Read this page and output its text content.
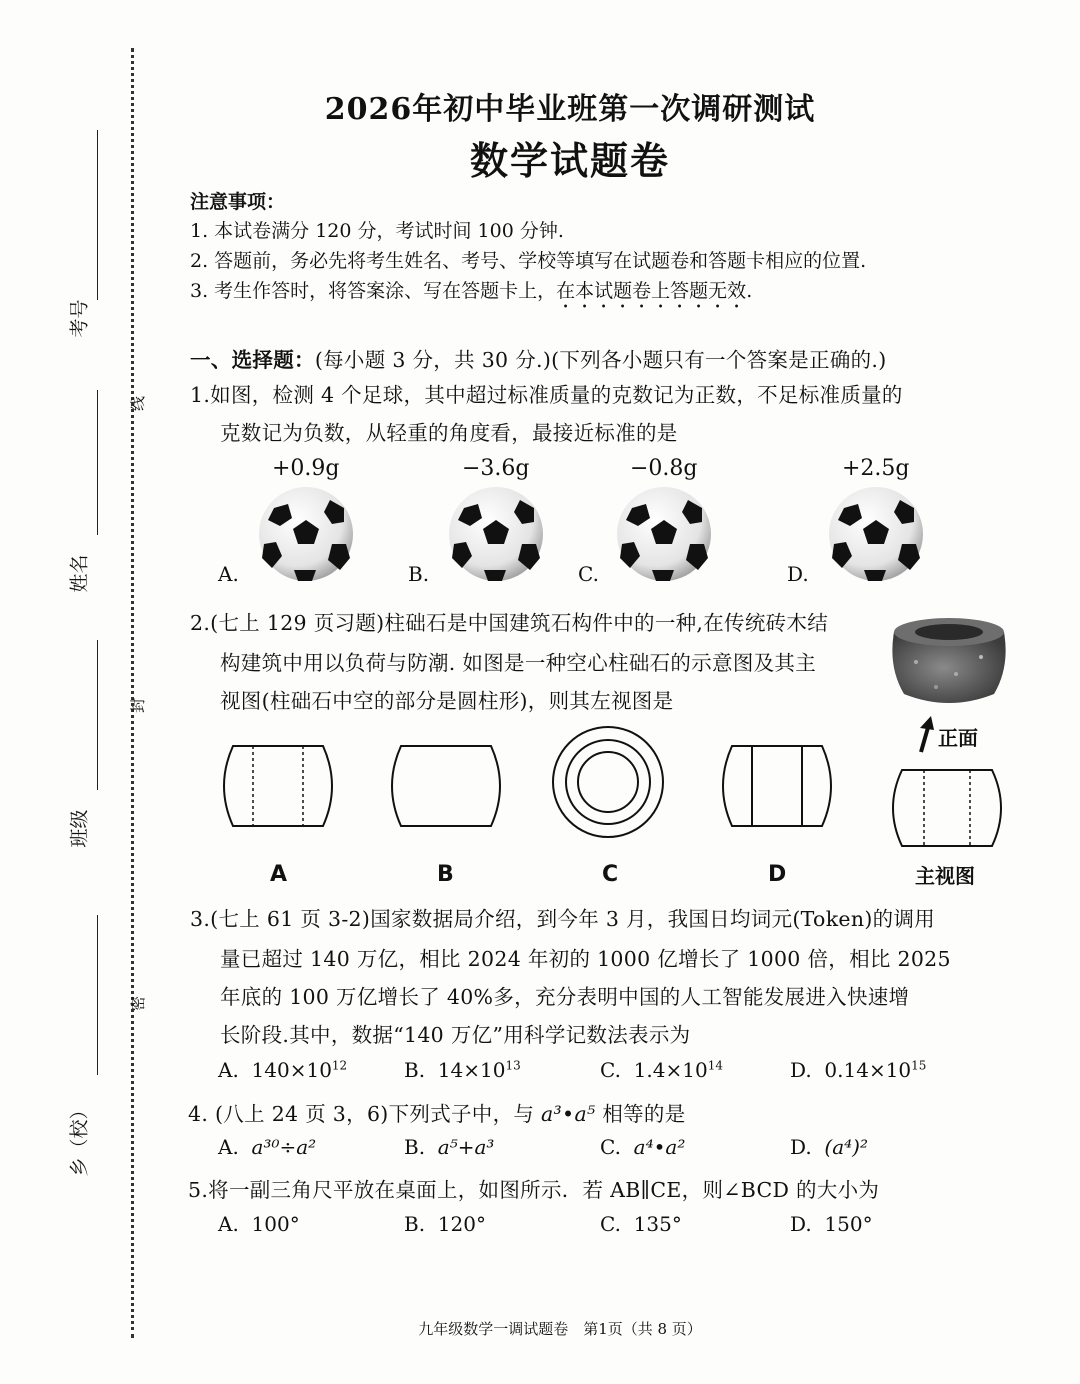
考号
姓名
班级
乡（校）
线
封
密
2026年初中毕业班第一次调研测试
数学试题卷
注意事项：
1. 本试卷满分 120 分，考试时间 100 分钟.
2. 答题前，务必先将考生姓名、考号、学校等填写在试题卷和答题卡相应的位置.
3. 考生作答时，将答案涂、写在答题卡上，在本试题卷上答题无效.
一、选择题：(每小题 3 分，共 30 分.)(下列各小题只有一个答案是正确的.)
1.如图，检测 4 个足球，其中超过标准质量的克数记为正数，不足标准质量的
克数记为负数，从轻重的角度看，最接近标准的是
+0.9g	−3.6g	−0.8g	+2.5g
A.	B.	C.	D.
2.(七上 129 页习题)柱础石是中国建筑石构件中的一种,在传统砖木结
构建筑中用以负荷与防潮. 如图是一种空心柱础石的示意图及其主
视图(柱础石中空的部分是圆柱形)，则其左视图是
正面
A	B	C	D	主视图
3.(七上 61 页 3-2)国家数据局介绍，到今年 3 月，我国日均词元(Token)的调用
量已超过 140 万亿，相比 2024 年初的 1000 亿增长了 1000 倍，相比 2025
年底的 100 万亿增长了 40%多，充分表明中国的人工智能发展进入快速增
长阶段.其中，数据“140 万亿”用科学记数法表示为
A. $140\times 10^{12}$	B. $14\times 10^{13}$	C. $1.4\times 10^{14}$	D. $0.14\times 10^{15}$
4. (八上 24 页 3，6)下列式子中，与 a³•a⁵ 相等的是
A. a³⁰÷a²	B. a⁵+a³	C. a⁴•a²	D. (a⁴)²
5.将一副三角尺平放在桌面上，如图所示．若 AB∥CE，则∠BCD 的大小为
A. 100°	B. 120°	C. 135°	D. 150°
九年级数学一调试题卷　第1页（共 8 页）
